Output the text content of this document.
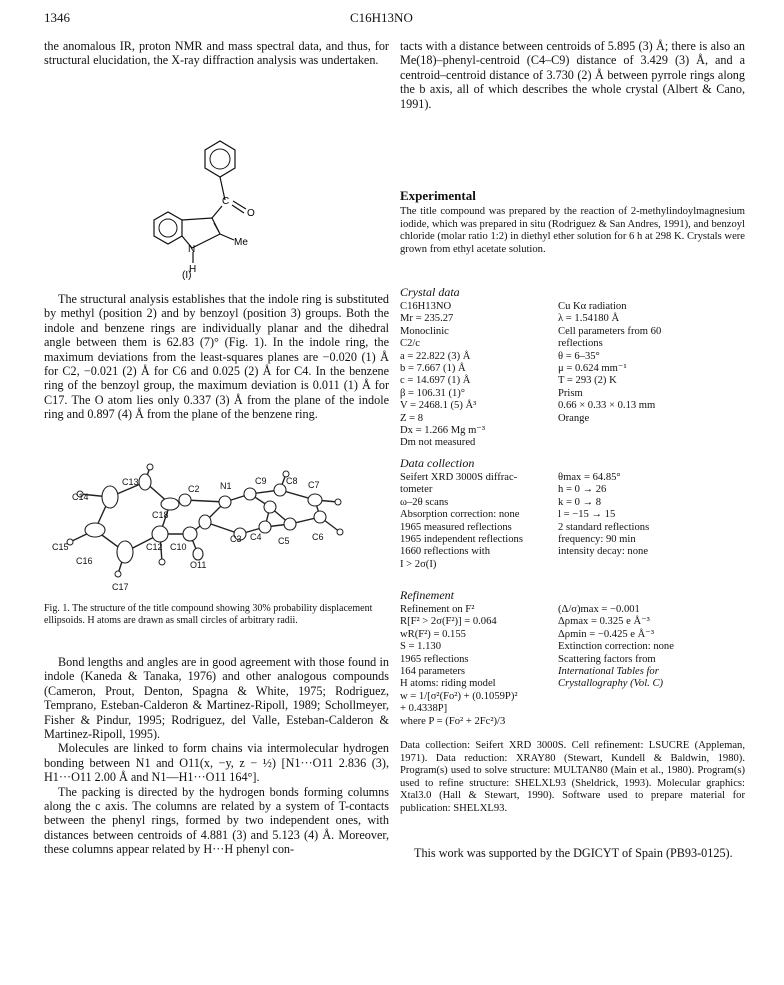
1346	C16H13NO

the anomalous IR, proton NMR and mass spectral data, and thus, for structural elucidation, the X-ray diffraction analysis was undertaken.

C
O
N
H
Me
(I)

The structural analysis establishes that the indole ring is substituted by methyl (position 2) and by benzoyl (position 3) groups. Both the indole and benzene rings are individually planar and the dihedral angle between them is 62.83 (7)° (Fig. 1). In the indole ring, the maximum deviations from the least-squares planes are −0.020 (1) Å for C2, −0.021 (2) Å for C6 and 0.025 (2) Å for C4. In the benzene ring of the benzoyl group, the maximum deviation is 0.011 (1) Å for C17. The O atom lies only 0.337 (3) Å from the plane of the indole ring and 0.897 (4) Å from the plane of the benzene ring.

C13
C14
C18
C15
C16
C17
C12 C10
O11
N1
C2
C3 C4 C5
C9 C8 C7
C6
Fig. 1. The structure of the title compound showing 30% probability displacement ellipsoids. H atoms are drawn as small circles of arbitrary radii.

Bond lengths and angles are in good agreement with those found in indole (Kaneda & Tanaka, 1976) and other analogous compounds (Cameron, Prout, Denton, Spagna & White, 1975; Rodriguez, Temprano, Esteban-Calderon & Martinez-Ripoll, 1989; Schollmeyer, Fisher & Pindur, 1995; Rodriguez, del Valle, Esteban-Calderon & Martinez-Ripoll, 1995).

Molecules are linked to form chains via intermolecular hydrogen bonding between N1 and O11(x, −y, z − ½) [N1···O11 2.836 (3), H1···O11 2.00 Å and N1—H1···O11 164°].

The packing is directed by the hydrogen bonds forming columns along the c axis. The columns are related by a system of T-contacts between the phenyl rings, formed by two independent ones, with distances between centroids of 4.881 (3) and 5.123 (4) Å. Moreover, these columns appear related by H···H phenyl con-

tacts with a distance between centroids of 5.895 (3) Å; there is also an Me(18)–phenyl-centroid (C4–C9) distance of 3.429 (3) Å, and a centroid–centroid distance of 3.730 (2) Å between pyrrole rings along the b axis, all of which describes the whole crystal (Albert & Cano, 1991).

Experimental
The title compound was prepared by the reaction of 2-methylindoylmagnesium iodide, which was prepared in situ (Rodriguez & San Andres, 1991), and benzoyl chloride (molar ratio 1:2) in diethyl ether solution for 6 h at 298 K. Crystals were grown from ethyl acetate solution.
Crystal data
C16H13NO	Cu Kα radiation
Mr = 235.27	λ = 1.54180 Å
Monoclinic	Cell parameters from 60
C2/c	reflections
a = 22.822 (3) Å	θ = 6–35°
b = 7.667 (1) Å	μ = 0.624 mm⁻¹
c = 14.697 (1) Å	T = 293 (2) K
β = 106.31 (1)°	Prism
V = 2468.1 (5) Å³	0.66 × 0.33 × 0.13 mm
Z = 8	Orange
Dx = 1.266 Mg m⁻³
Dm not measured
Data collection
Seifert XRD 3000S diffrac-	θmax = 64.85°
tometer	h = 0 → 26
ω–2θ scans	k = 0 → 8
Absorption correction: none	l = −15 → 15
1965 measured reflections	2 standard reflections
1965 independent reflections	frequency: 90 min
1660 reflections with	intensity decay: none
I > 2σ(I)
Refinement
Refinement on F²	(Δ/σ)max = −0.001
R[F² > 2σ(F²)] = 0.064	Δρmax = 0.325 e Å⁻³
wR(F²) = 0.155	Δρmin = −0.425 e Å⁻³
S = 1.130	Extinction correction: none
1965 reflections	Scattering factors from
164 parameters	International Tables for
H atoms: riding model	Crystallography (Vol. C)
w = 1/[σ²(Fo²) + (0.1059P)²
+ 0.4338P]
where P = (Fo² + 2Fc²)/3
Data collection: Seifert XRD 3000S. Cell refinement: LSUCRE (Appleman, 1971). Data reduction: XRAY80 (Stewart, Kundell & Baldwin, 1980). Program(s) used to solve structure: MULTAN80 (Main et al., 1980). Program(s) used to refine structure: SHELXL93 (Sheldrick, 1993). Molecular graphics: Xtal3.0 (Hall & Stewart, 1990). Software used to prepare material for publication: SHELXL93.

This work was supported by the DGICYT of Spain (PB93-0125).
